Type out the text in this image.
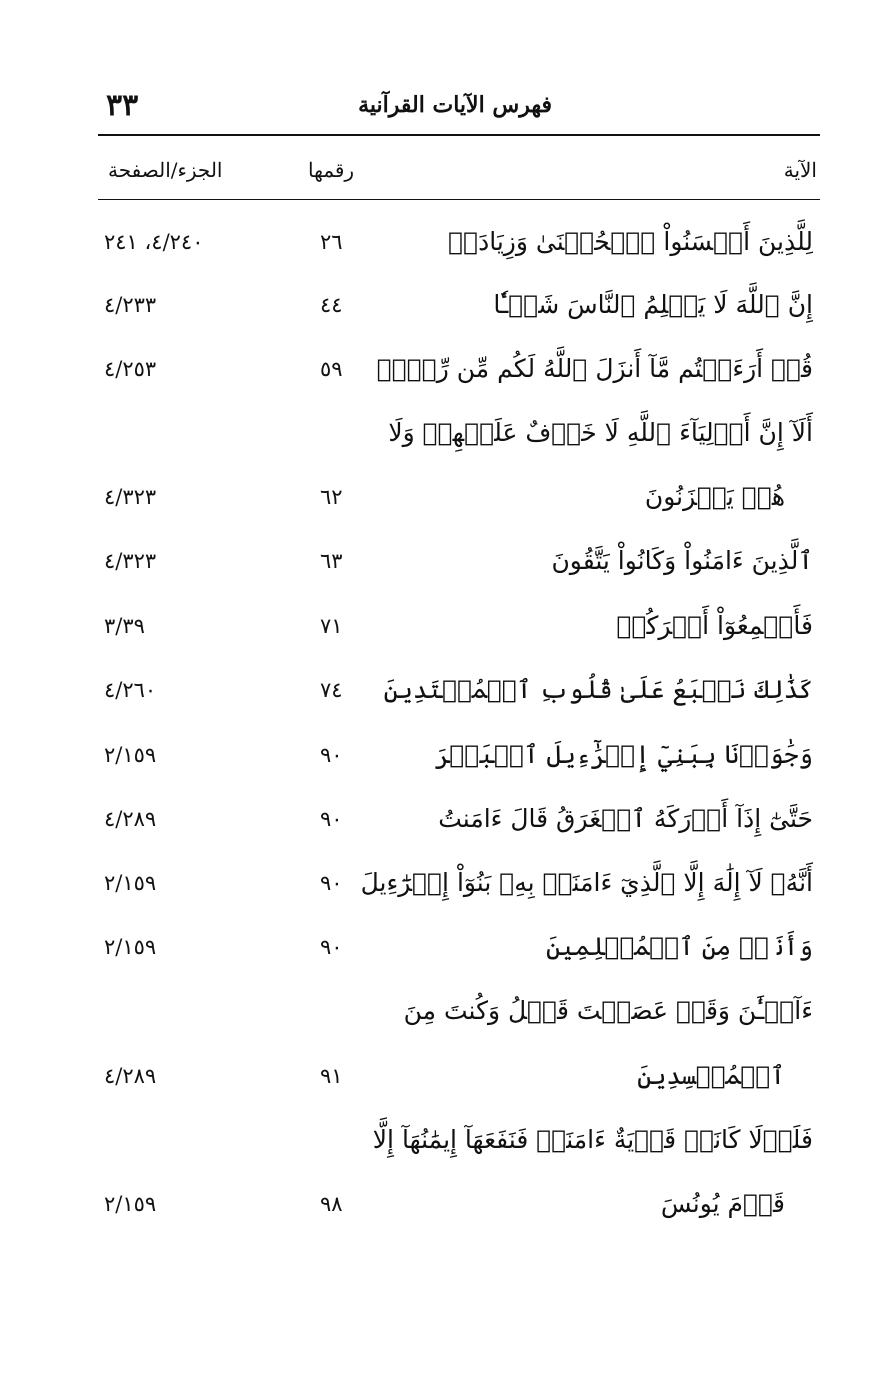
٣٣	فهرس الآيات القرآنية
الآية
رقمها
الجزء/الصفحة
لِلَّذِينَ أَحۡسَنُواْ ٱلۡحُسۡنَىٰ وَزِيَادَةٞ
٢٦
٤/٢٤٠، ٢٤١
إِنَّ ٱللَّهَ لَا يَظۡلِمُ ٱلنَّاسَ شَيۡـٔٗا
٤٤
٤/٢٣٣
قُلۡ أَرَءَيۡتُم مَّآ أَنزَلَ ٱللَّهُ لَكُم مِّن رِّزۡقٖ
٥٩
٤/٢٥٣
أَلَآ إِنَّ أَوۡلِيَآءَ ٱللَّهِ لَا خَوۡفٌ عَلَيۡهِمۡ وَلَا
هُمۡ يَحۡزَنُونَ
٦٢
٤/٣٢٣
ٱلَّذِينَ ءَامَنُواْ وَكَانُواْ يَتَّقُونَ
٦٣
٤/٣٢٣
فَأَجۡمِعُوٓاْ أَمۡرَكُمۡ
٧١
٣/٣٩
كَذَٰلِكَ نَطۡبَعُ عَلَىٰ قُلُوبِ ٱلۡمُعۡتَدِينَ
٧٤
٤/٢٦٠
وَجَٰوَزۡنَا بِبَنِيٓ إِسۡرَٰٓءِيلَ ٱلۡبَحۡرَ
٩٠
٢/١٥٩
حَتَّىٰٓ إِذَآ أَدۡرَكَهُ ٱلۡغَرَقُ قَالَ ءَامَنتُ
٩٠
٤/٢٨٩
أَنَّهُۥ لَآ إِلَٰهَ إِلَّا ٱلَّذِيٓ ءَامَنَتۡ بِهِۦ بَنُوٓاْ إِسۡرَٰٓءِيلَ
٩٠
٢/١٥٩
وَأَنَا۠ مِنَ ٱلۡمُسۡلِمِينَ
٩٠
٢/١٥٩
ءَآلۡـَٰٔنَ وَقَدۡ عَصَيۡتَ قَبۡلُ وَكُنتَ مِنَ
ٱلۡمُفۡسِدِينَ
٩١
٤/٢٨٩
فَلَوۡلَا كَانَتۡ قَرۡيَةٌ ءَامَنَتۡ فَنَفَعَهَآ إِيمَٰنُهَآ إِلَّا
قَوۡمَ يُونُسَ
٩٨
٢/١٥٩
